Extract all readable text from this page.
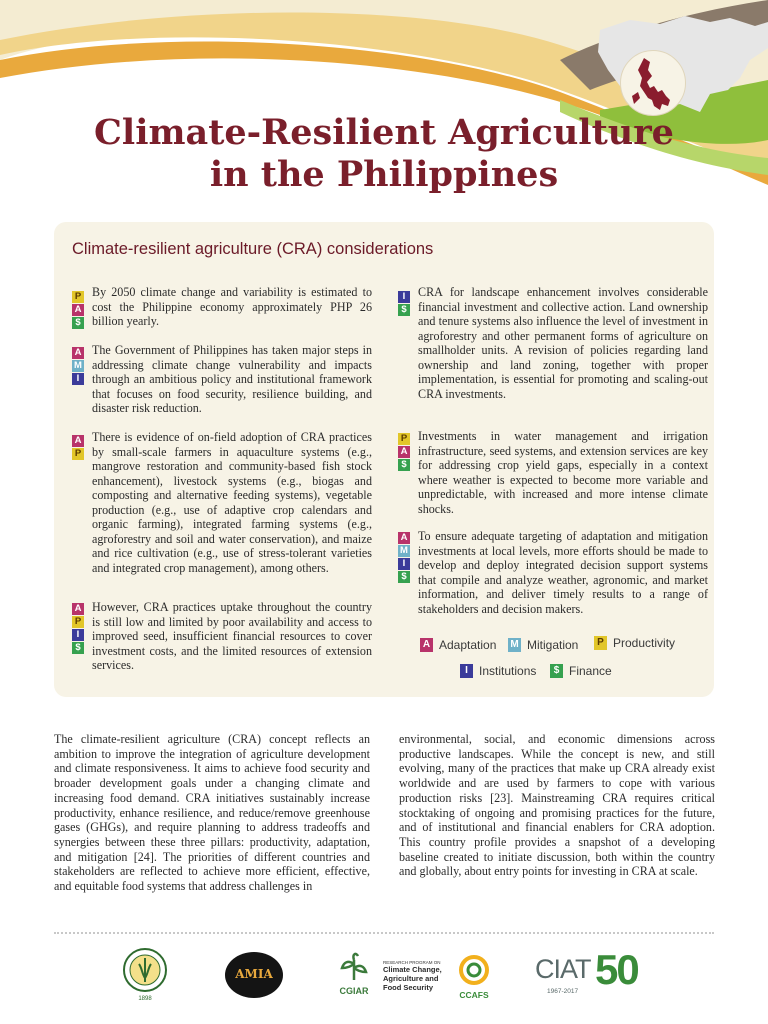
Climate-Resilient Agriculture
in the Philippines
Climate-resilient agriculture (CRA) considerations
P
A
$

By 2050 climate change and variability is estimated to cost the Philippine economy approximately PHP 26 billion yearly.

A
M
I

The Government of Philippines has taken major steps in addressing climate change vulnerability and impacts through an ambitious policy and institutional framework that focuses on food security, resilience building, and disaster risk reduction.

A
P

There is evidence of on-field adoption of CRA practices by small-scale farmers in aquaculture systems (e.g., mangrove restoration and community-based fish stock enhancement), livestock systems (e.g., biogas and composting and alternative feeding systems), vegetable production (e.g., use of adaptive crop calendars and organic farming), integrated farming systems (e.g., agroforestry and soil and water conservation), and maize and rice cultivation (e.g., use of stress-tolerant varieties and integrated crop management), among others.

A
P
I
$

However, CRA practices uptake throughout the country is still low and limited by poor availability and access to improved seed, insufficient financial resources to cover investment costs, and the limited resources of extension services.

I
$

CRA for landscape enhancement involves considerable financial investment and collective action. Land ownership and tenure systems also influence the level of investment in agroforestry and other permanent forms of agriculture on smallholder units. A revision of policies regarding land ownership and land zoning, together with proper implementation, is essential for promoting and scaling-out CRA investments.

P
A
$

Investments in water management and irrigation infrastructure, seed systems, and extension services are key for addressing crop yield gaps, especially in a context where weather is expected to become more variable and unpredictable, with increased and more intense climate shocks.

A
M
I
$

To ensure adequate targeting of adaptation and mitigation investments at local levels, more efforts should be made to develop and deploy integrated decision support systems that compile and analyze weather, agronomic, and market information, and deliver timely results to a range of stakeholders and decision makers.

A Adaptation M Mitigation	P Productivity
I Institutions	$ Finance

The climate-resilient agriculture (CRA) concept reflects an ambition to improve the integration of agriculture development and climate responsiveness. It aims to achieve food security and broader development goals under a changing climate and increasing food demand. CRA initiatives sustainably increase productivity, enhance resilience, and reduce/remove greenhouse gases (GHGs), and require planning to address tradeoffs and synergies between these three pillars: productivity, adaptation, and mitigation [24]. The priorities of different countries and stakeholders are reflected to achieve more efficient, effective, and equitable food systems that address challenges in

environmental, social, and economic dimensions across productive landscapes. While the concept is new, and still evolving, many of the practices that make up CRA already exist worldwide and are used by farmers to cope with various production risks [23]. Mainstreaming CRA requires critical stocktaking of ongoing and promising practices for the future, and of institutional and financial enablers for CRA adoption. This country profile provides a snapshot of a developing baseline created to initiate discussion, both within the country and globally, about entry points for investing in CRA at scale.

1898
AMIA
CGIAR
RESEARCH PROGRAM ON
Climate Change,
Agriculture and
Food Security
CCAFS
CIAT
1967-2017 50
